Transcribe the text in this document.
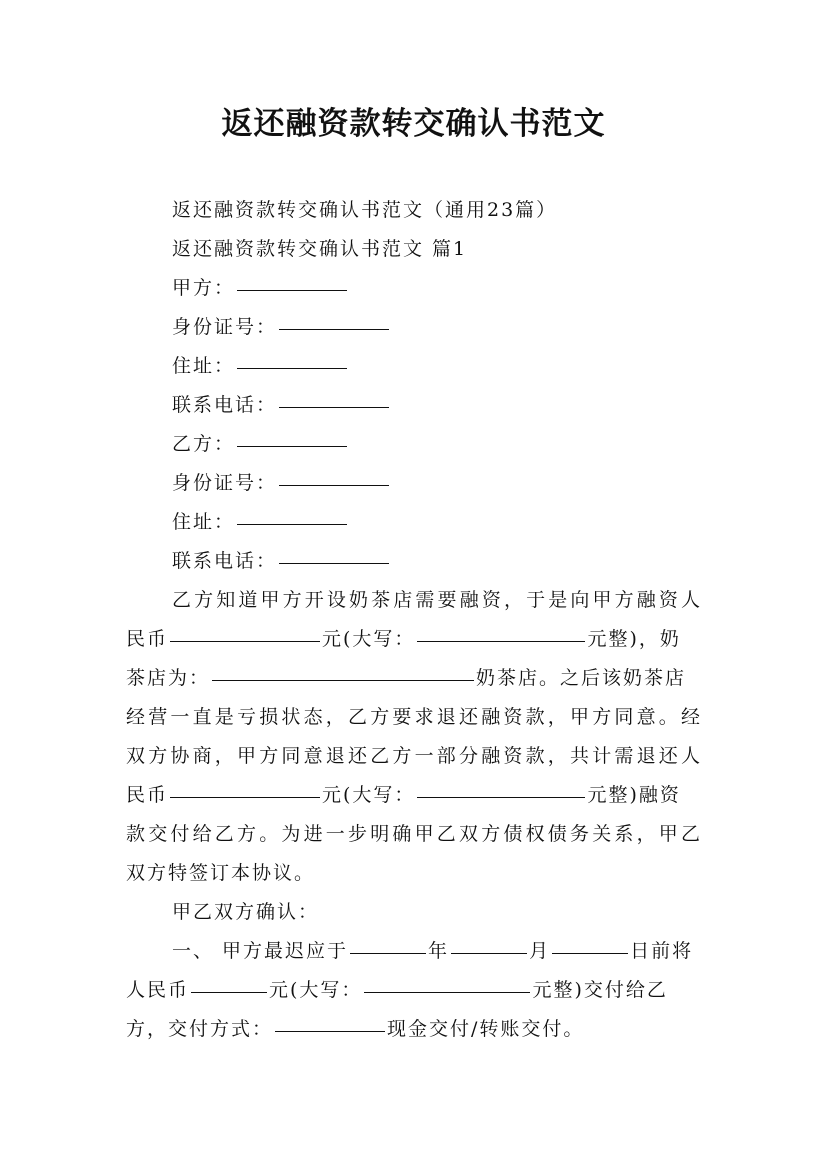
返还融资款转交确认书范文
返还融资款转交确认书范文（通用23篇）
返还融资款转交确认书范文 篇1
甲方：
身份证号：
住址：
联系电话：
乙方：
身份证号：
住址：
联系电话：
乙方知道甲方开设奶茶店需要融资，于是向甲方融资人
民币	元(大写：	元整)，奶
茶店为：	奶茶店。之后该奶茶店
经营一直是亏损状态，乙方要求退还融资款，甲方同意。经
双方协商，甲方同意退还乙方一部分融资款，共计需退还人
民币	元(大写：	元整)融资
款交付给乙方。为进一步明确甲乙双方债权债务关系，甲乙
双方特签订本协议。
甲乙双方确认：
一、 甲方最迟应于	年	月	日前将
人民币	元(大写：	元整)交付给乙
方，交付方式：	现金交付/转账交付。
